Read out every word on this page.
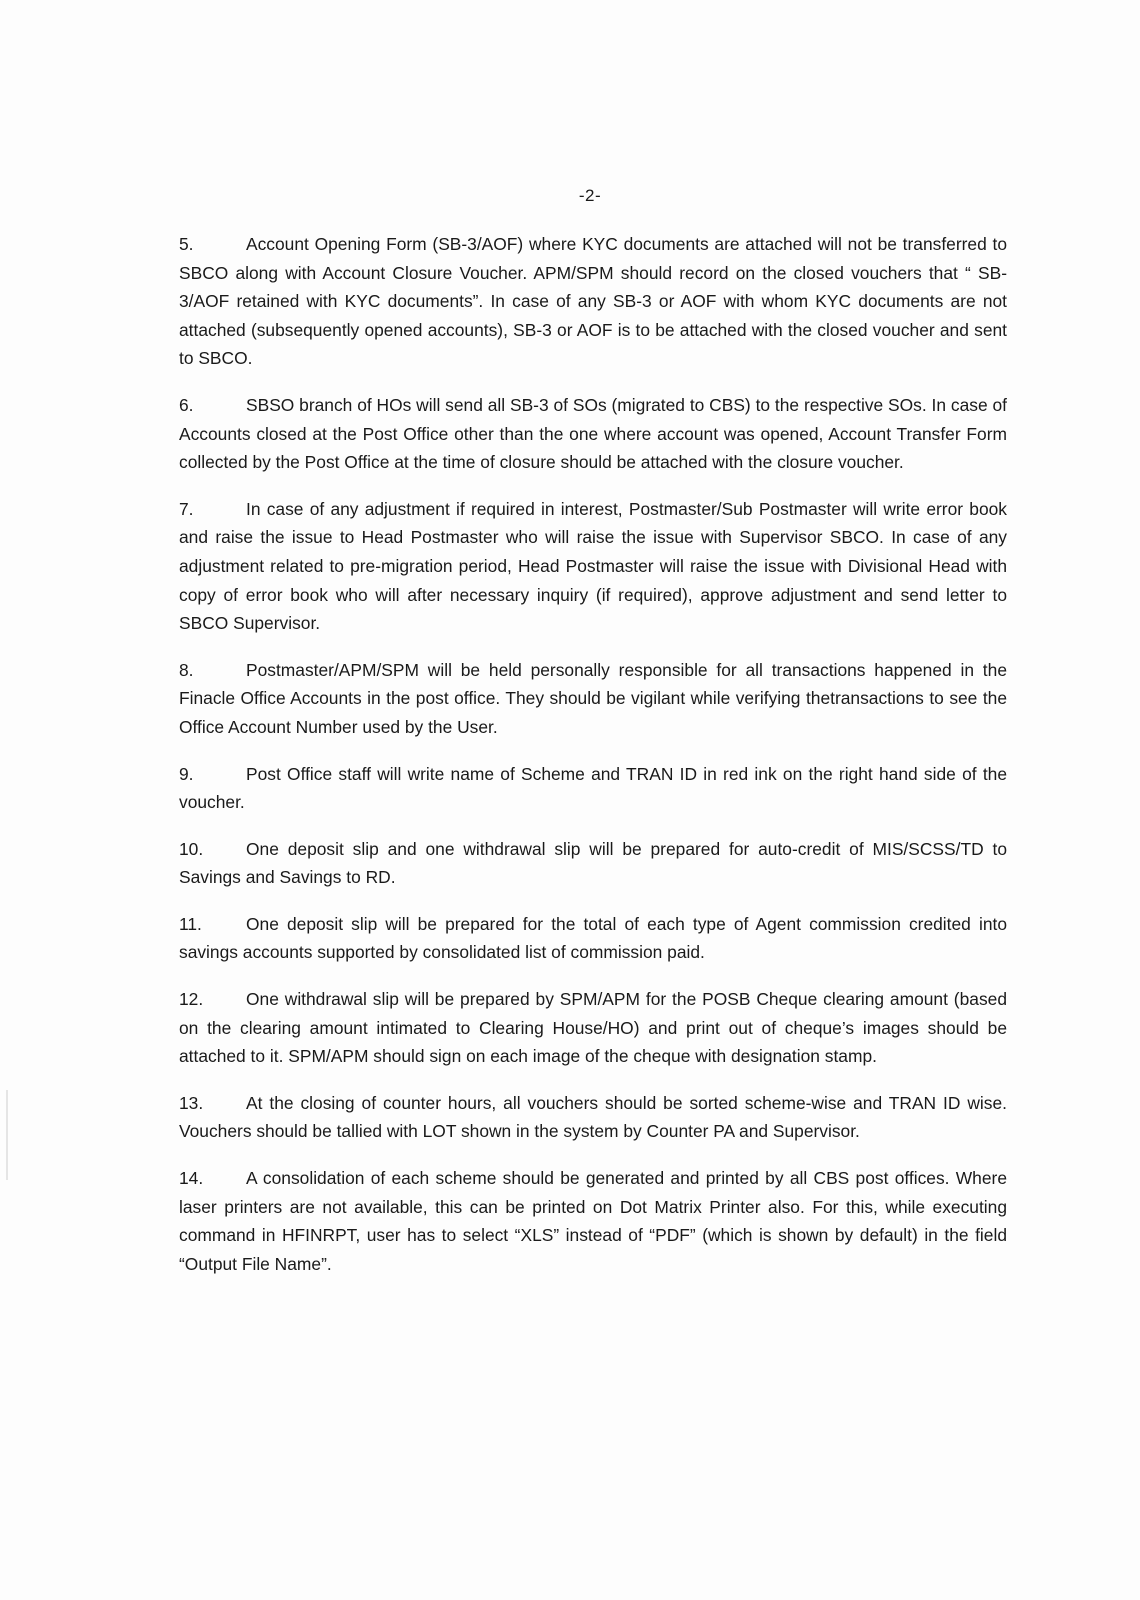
-2-

5.	Account Opening Form (SB-3/AOF) where KYC documents are attached will not be transferred to SBCO along with Account Closure Voucher. APM/SPM should record on the closed vouchers that “ SB-3/AOF retained with KYC documents”. In case of any SB-3 or AOF with whom KYC documents are not attached (subsequently opened accounts), SB-3 or AOF is to be attached with the closed voucher and sent to SBCO.

6.	SBSO branch of HOs will send all SB-3 of SOs (migrated to CBS) to the respective SOs. In case of Accounts closed at the Post Office other than the one where account was opened, Account Transfer Form collected by the Post Office at the time of closure should be attached with the closure voucher.

7.	In case of any adjustment if required in interest, Postmaster/Sub Postmaster will write error book and raise the issue to Head Postmaster who will raise the issue with Supervisor SBCO. In case of any adjustment related to pre-migration period, Head Postmaster will raise the issue with Divisional Head with copy of error book who will after necessary inquiry (if required), approve adjustment and send letter to SBCO Supervisor.

8.	Postmaster/APM/SPM will be held personally responsible for all transactions happened in the Finacle Office Accounts in the post office. They should be vigilant while verifying thetransactions to see the Office Account Number used by the User.

9.	Post Office staff will write name of Scheme and TRAN ID in red ink on the right hand side of the voucher.

10. One deposit slip and one withdrawal slip will be prepared for auto-credit of MIS/SCSS/TD to Savings and Savings to RD.

11.	One deposit slip will be prepared for the total of each type of Agent commission credited into savings accounts supported by consolidated list of commission paid.

12. One withdrawal slip will be prepared by SPM/APM for the POSB Cheque clearing amount (based on the clearing amount intimated to Clearing House/HO) and print out of cheque’s images should be attached to it. SPM/APM should sign on each image of the cheque with designation stamp.

13. At the closing of counter hours, all vouchers should be sorted scheme-wise and TRAN ID wise. Vouchers should be tallied with LOT shown in the system by Counter PA and Supervisor.

14. A consolidation of each scheme should be generated and printed by all CBS post offices. Where laser printers are not available, this can be printed on Dot Matrix Printer also. For this, while executing command in HFINRPT, user has to select “XLS” instead of “PDF” (which is shown by default) in the field “Output File Name”.
